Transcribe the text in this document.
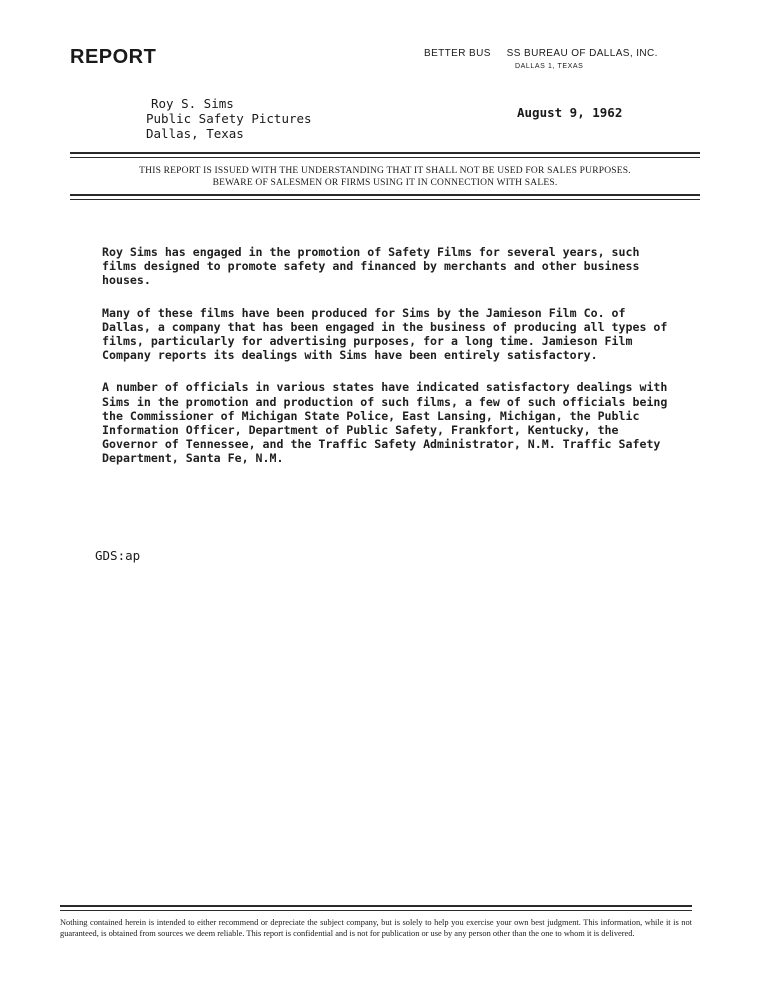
REPORT	BETTER BUS     SS BUREAU OF DALLAS, INC.
DALLAS 1, TEXAS
Roy S. Sims
Public Safety Pictures
Dallas, Texas
August 9, 1962
THIS REPORT IS ISSUED WITH THE UNDERSTANDING THAT IT SHALL NOT BE USED FOR SALES PURPOSES.
BEWARE OF SALESMEN OR FIRMS USING IT IN CONNECTION WITH SALES.

Roy Sims has engaged in the promotion of Safety Films for several years, such films designed to promote safety and financed by merchants and other business houses.

Many of these films have been produced for Sims by the Jamieson Film Co. of Dallas, a company that has been engaged in the business of producing all types of films, particularly for advertising purposes, for a long time. Jamieson Film Company reports its dealings with Sims have been entirely satisfactory.

A number of officials in various states have indicated satisfactory dealings with Sims in the promotion and production of such films, a few of such officials being the Commissioner of Michigan State Police, East Lansing, Michigan, the Public Information Officer, Department of Public Safety, Frankfort, Kentucky, the Governor of Tennessee, and the Traffic Safety Administrator, N.M. Traffic Safety Department, Santa Fe, N.M.

GDS:ap
Nothing contained herein is intended to either recommend or depreciate the subject company, but is solely to help you exercise your own best judgment. This information, while it is not guaranteed, is obtained from sources we deem reliable. This report is confidential and is not for publication or use by any person other than the one to whom it is delivered.
